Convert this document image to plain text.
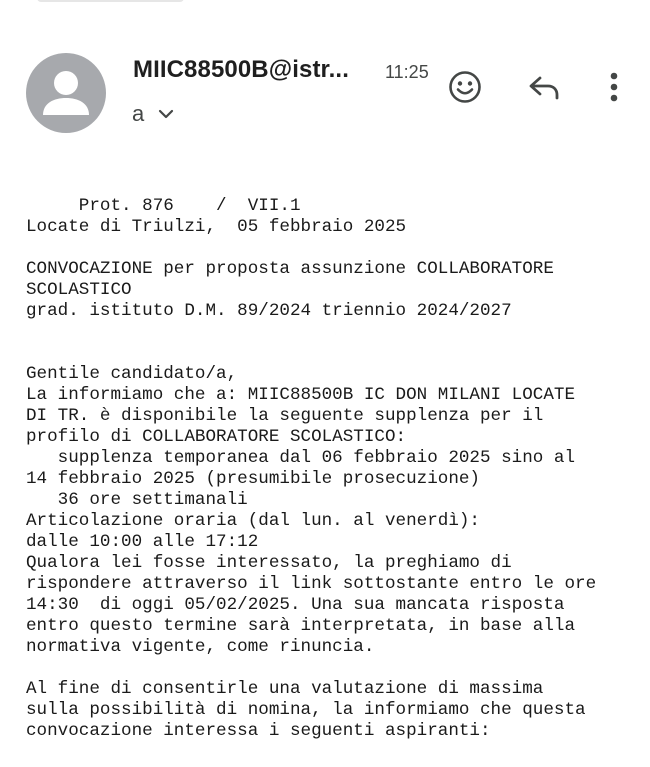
MIIC88500B@istr... 11:25
a
Prot. 876    /  VII.1
Locate di Triulzi,  05 febbraio 2025
CONVOCAZIONE per proposta assunzione COLLABORATORE
SCOLASTICO
grad. istituto D.M. 89/2024 triennio 2024/2027
Gentile candidato/a,
La informiamo che a: MIIC88500B IC DON MILANI LOCATE
DI TR. è disponibile la seguente supplenza per il
profilo di COLLABORATORE SCOLASTICO:
supplenza temporanea dal 06 febbraio 2025 sino al
14 febbraio 2025 (presumibile prosecuzione)
36 ore settimanali
Articolazione oraria (dal lun. al venerdì):
dalle 10:00 alle 17:12
Qualora lei fosse interessato, la preghiamo di
rispondere attraverso il link sottostante entro le ore
14:30  di oggi 05/02/2025. Una sua mancata risposta
entro questo termine sarà interpretata, in base alla
normativa vigente, come rinuncia.
Al fine di consentirle una valutazione di massima
sulla possibilità di nomina, la informiamo che questa
convocazione interessa i seguenti aspiranti:
